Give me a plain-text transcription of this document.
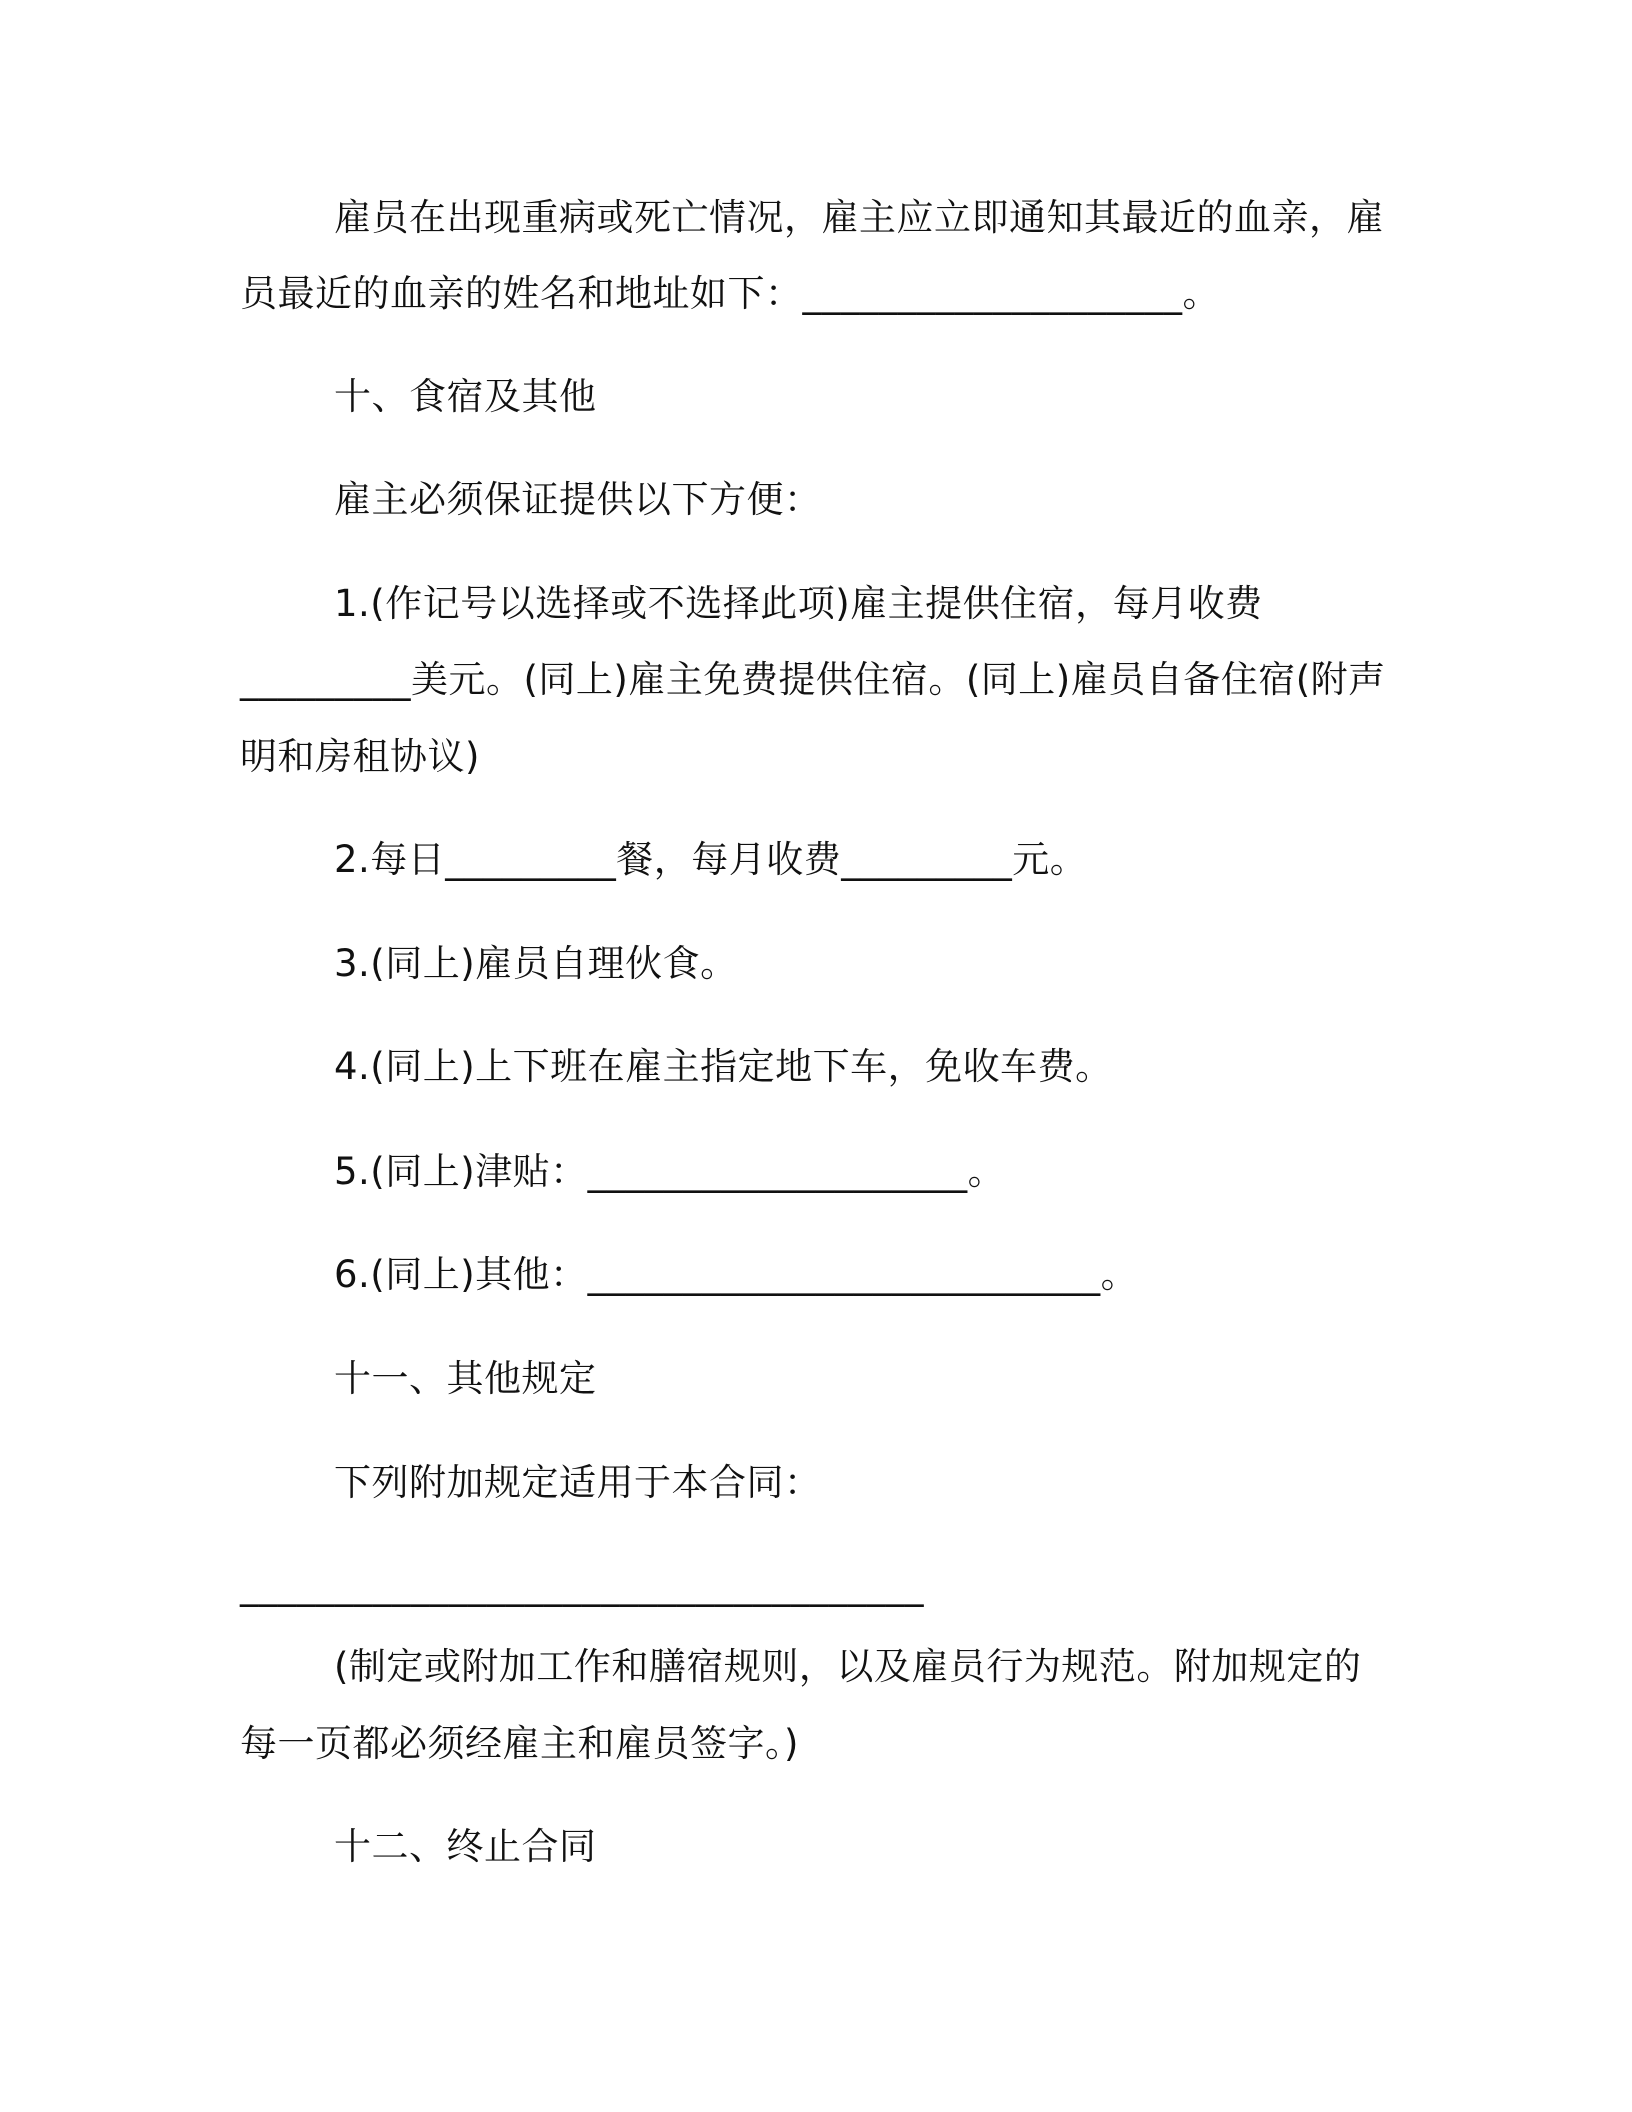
雇员在出现重病或死亡情况，雇主应立即通知其最近的血亲，雇
员最近的血亲的姓名和地址如下：____________________。
十、食宿及其他
雇主必须保证提供以下方便：
1.(作记号以选择或不选择此项)雇主提供住宿，每月收费
_________美元。(同上)雇主免费提供住宿。(同上)雇员自备住宿(附声
明和房租协议)
2.每日_________餐，每月收费_________元。
3.(同上)雇员自理伙食。
4.(同上)上下班在雇主指定地下车，免收车费。
5.(同上)津贴：____________________。
6.(同上)其他：___________________________。
十一、其他规定
下列附加规定适用于本合同：
____________________________________
(制定或附加工作和膳宿规则，以及雇员行为规范。附加规定的
每一页都必须经雇主和雇员签字。)
十二、终止合同
